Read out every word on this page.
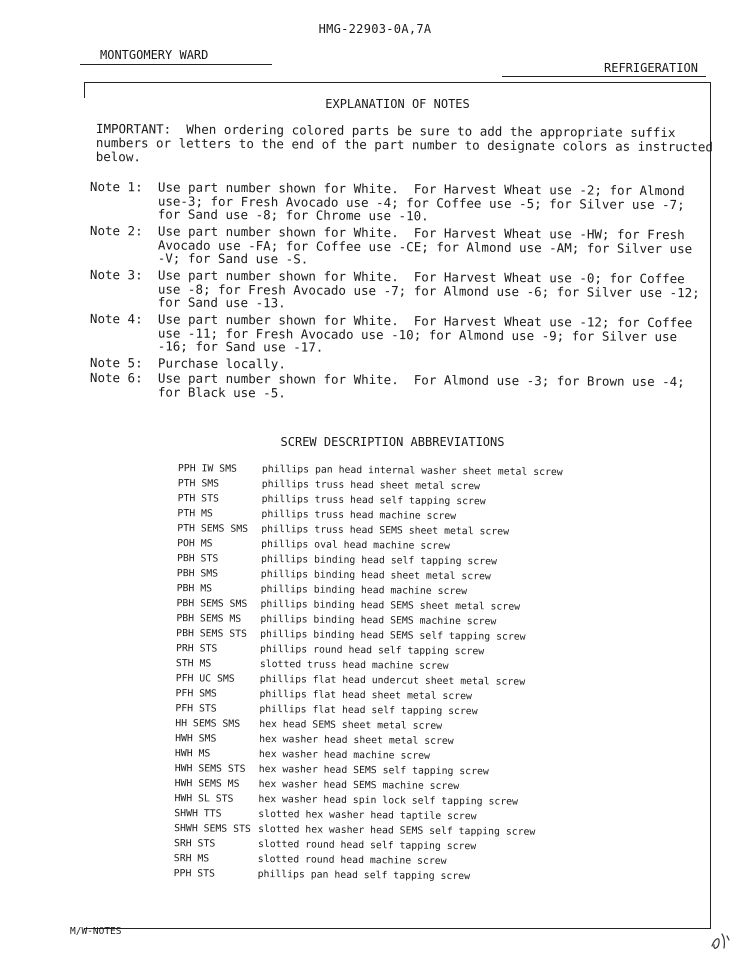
HMG-22903-0A,7A
MONTGOMERY WARD
REFRIGERATION
EXPLANATION OF NOTES
IMPORTANT:  When ordering colored parts be sure to add the appropriate suffix
numbers or letters to the end of the part number to designate colors as instructed
below.
Note 1:	Use part number shown for White.  For Harvest Wheat use -2; for Almond
use-3; for Fresh Avocado use -4; for Coffee use -5; for Silver use -7;
for Sand use -8; for Chrome use -10.
Note 2:	Use part number shown for White.  For Harvest Wheat use -HW; for Fresh
Avocado use -FA; for Coffee use -CE; for Almond use -AM; for Silver use
-V; for Sand use -S.
Note 3:	Use part number shown for White.  For Harvest Wheat use -0; for Coffee
use -8; for Fresh Avocado use -7; for Almond use -6; for Silver use -12;
for Sand use -13.
Note 4:	Use part number shown for White.  For Harvest Wheat use -12; for Coffee
use -11; for Fresh Avocado use -10; for Almond use -9; for Silver use
-16; for Sand use -17.
Note 5:	Purchase locally.
Note 6:	Use part number shown for White.  For Almond use -3; for Brown use -4;
for Black use -5.
SCREW DESCRIPTION ABBREVIATIONS
PPH IW SMS	phillips pan head internal washer sheet metal screw
PTH SMS	phillips truss head sheet metal screw
PTH STS	phillips truss head self tapping screw
PTH MS	phillips truss head machine screw
PTH SEMS SMS phillips truss head SEMS sheet metal screw
POH MS	phillips oval head machine screw
PBH STS	phillips binding head self tapping screw
PBH SMS	phillips binding head sheet metal screw
PBH MS	phillips binding head machine screw
PBH SEMS SMS phillips binding head SEMS sheet metal screw
PBH SEMS MS phillips binding head SEMS machine screw
PBH SEMS STS phillips binding head SEMS self tapping screw
PRH STS	phillips round head self tapping screw
STH MS	slotted truss head machine screw
PFH UC SMS	phillips flat head undercut sheet metal screw
PFH SMS	phillips flat head sheet metal screw
PFH STS	phillips flat head self tapping screw
HH SEMS SMS hex head SEMS sheet metal screw
HWH SMS	hex washer head sheet metal screw
HWH MS	hex washer head machine screw
HWH SEMS STS hex washer head SEMS self tapping screw
HWH SEMS MS hex washer head SEMS machine screw
HWH SL STS	hex washer head spin lock self tapping screw
SHWH TTS	slotted hex washer head taptile screw
SHWH SEMS STS slotted hex washer head SEMS self tapping screw
SRH STS	slotted round head self tapping screw
SRH MS	slotted round head machine screw
PPH STS	phillips pan head self tapping screw
M/W-NOTES
